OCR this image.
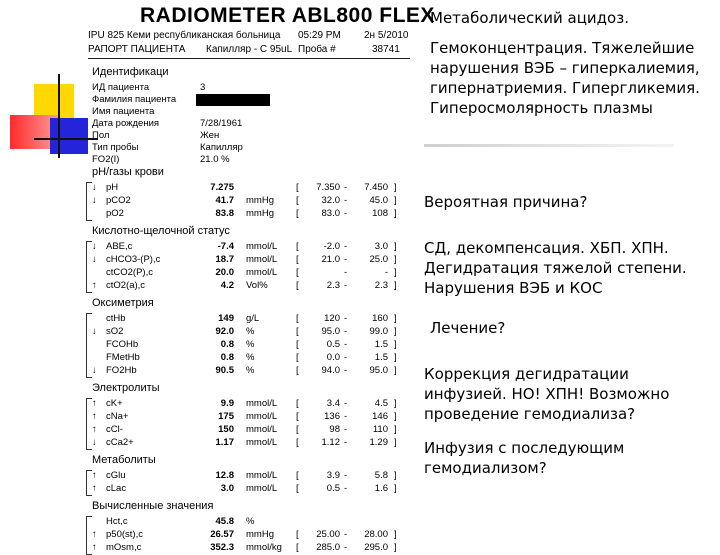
RADIOMETER ABL800 FLEX
IPU 825 Кеми республиканская больница 05:29 PM 2н 5/2010
РАПОРТ ПАЦИЕНТА Капилляр - С 95uL Проба #	38741
Идентификаци
ИД пациента	3
Фамилия пациента
Имя пациента
Дата рождения	7/28/1961
Пол	Жен
Тип пробы	Капилляр
FO2(I)	21.0 %
pH/газы крови
↓ pH	7.275	[	7.350 -	7.450 ]
↓ pCO2	41.7 mmHg [	32.0 -	45.0 ]
pO2	83.8 mmHg [	83.0 -	108 ]
Кислотно-щелочной статус
↓ ABE,c	-7.4 mmol/L [	-2.0 -	3.0 ]
↓ cHCO3-(P),c	18.7 mmol/L [	21.0 -	25.0 ]
ctCO2(P),c	20.0 mmol/L [	-	- ]
↑ ctO2(a),c	4.2 Vol%	[	2.3 -	2.3 ]
Оксиметрия
ctHb	149 g/L	[	120 -	160 ]
↓ sO2	92.0 %	[	95.0 -	99.0 ]
FCOHb	0.8 %	[	0.5 -	1.5 ]
FMetHb	0.8 %	[	0.0 -	1.5 ]
↓ FO2Hb	90.5 %	[	94.0 -	95.0 ]
Электролиты
↑ cK+	9.9 mmol/L [	3.4 -	4.5 ]
↑ cNa+	175 mmol/L [	136 -	146 ]
↑ cCl-	150 mmol/L [	98 -	110 ]
↓ cCa2+	1.17 mmol/L [	1.12 -	1.29 ]
Метаболиты
↑ cGlu	12.8 mmol/L [	3.9 -	5.8 ]
↑ cLac	3.0 mmol/L [	0.5 -	1.6 ]
Вычисленные значения
Hct,c	45.8 %
↑ p50(st),c	26.57 mmHg [	25.00 -	28.00 ]
↑ mOsm,c	352.3 mmol/kg [	285.0 -	295.0 ]
Метаболический ацидоз.
Гемоконцентрация. Тяжелейшие
нарушения ВЭБ – гиперкалиемия,
гипернатриемия. Гипергликемия.
Гиперосмолярность плазмы
Вероятная причина?
СД, декомпенсация. ХБП. ХПН.
Дегидратация тяжелой степени.
Нарушения ВЭБ и КОС
Лечение?
Коррекция дегидратации
инфузией. НО! ХПН! Возможно
проведение гемодиализа?
Инфузия с последующим
гемодиализом?
